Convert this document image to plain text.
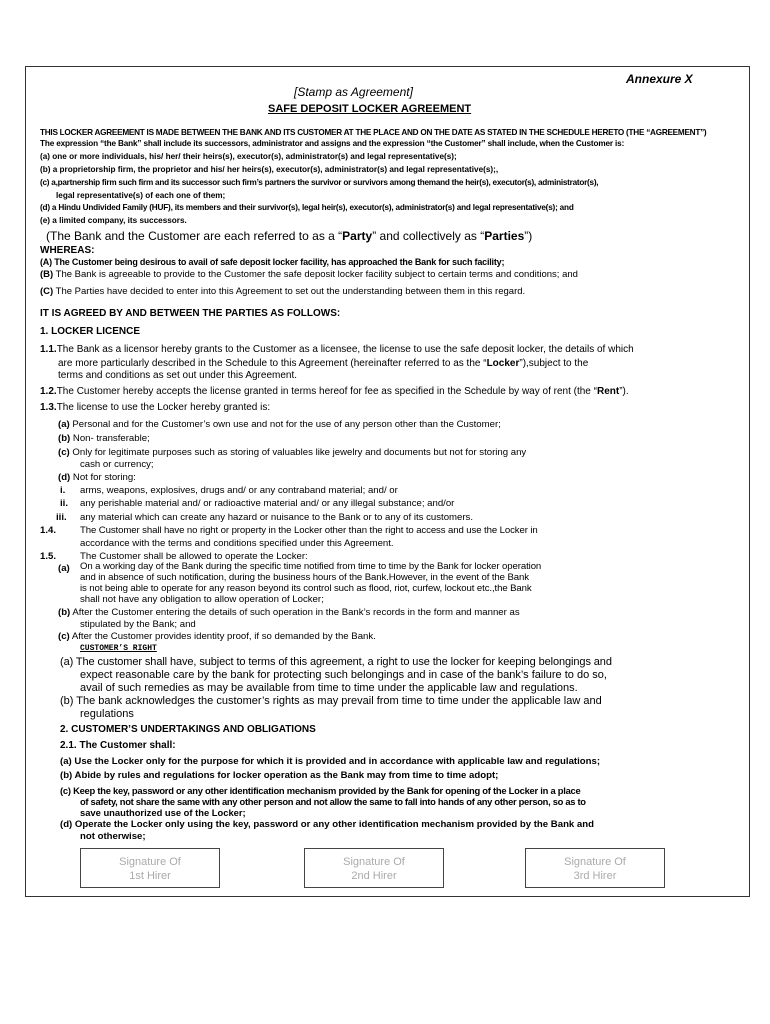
Annexure X
[Stamp as Agreement]
SAFE DEPOSIT LOCKER AGREEMENT
THIS LOCKER AGREEMENT IS MADE BETWEEN THE BANK AND ITS CUSTOMER AT THE PLACE AND ON THE DATE AS STATED IN THE SCHEDULE HERETO (THE “AGREEMENT”)
The expression “the Bank” shall include its successors, administrator and assigns and the expression “the Customer” shall include, when the Customer is:
(a) one or more individuals, his/ her/ their heirs(s), executor(s), administrator(s) and legal representative(s);
(b) a proprietorship firm, the proprietor and his/ her heirs(s), executor(s), administrator(s) and legal representative(s);,
(c) a,partnership firm such firm and its successor such firm’s partners the survivor or survivors among themand the heir(s), executor(s), administrator(s),
legal representative(s) of each one of them;
(d) a Hindu Undivided Family (HUF), its members and their survivor(s), legal heir(s), executor(s), administrator(s) and legal representative(s); and
(e) a limited company, its successors.
(The Bank and the Customer are each referred to as a “Party” and collectively as “Parties”)
WHEREAS:
(A) The Customer being desirous to avail of safe deposit locker facility, has approached the Bank for such facility;
(B) The Bank is agreeable to provide to the Customer the safe deposit locker facility subject to certain terms and conditions; and
(C) The Parties have decided to enter into this Agreement to set out the understanding between them in this regard.
IT IS AGREED BY AND BETWEEN THE PARTIES AS FOLLOWS:
1. LOCKER LICENCE
1.1.The Bank as a licensor hereby grants to the Customer as a licensee, the license to use the safe deposit locker, the details of which
are more particularly described in the Schedule to this Agreement (hereinafter referred to as the “Locker”),subject to the
terms and conditions as set out under this Agreement.
1.2.The Customer hereby accepts the license granted in terms hereof for fee as specified in the Schedule by way of rent (the “Rent”).
1.3.The license to use the Locker hereby granted is:
(a) Personal and for the Customer’s own use and not for the use of any person other than the Customer;
(b) Non- transferable;
(c) Only for legitimate purposes such as storing of valuables like jewelry and documents but not for storing any
cash or currency;
(d) Not for storing:
i. arms, weapons, explosives, drugs and/ or any contraband material; and/ or
ii. any perishable material and/ or radioactive material and/ or any illegal substance; and/or
iii. any material which can create any hazard or nuisance to the Bank or to any of its customers.
1.4. The Customer shall have no right or property in the Locker other than the right to access and use the Locker in
accordance with the terms and conditions specified under this Agreement.
1.5. The Customer shall be allowed to operate the Locker:
(a) On a working day of the Bank during the specific time notified from time to time by the Bank for locker operation
and in absence of such notification, during the business hours of the Bank.However, in the event of the Bank
is not being able to operate for any reason beyond its control such as flood, riot, curfew, lockout etc.,the Bank
shall not have any obligation to allow operation of Locker;
(b) After the Customer entering the details of such operation in the Bank’s records in the form and manner as
stipulated by the Bank; and
(c) After the Customer provides identity proof, if so demanded by the Bank.
CUSTOMER’S RIGHT
(a) The customer shall have, subject to terms of this agreement, a right to use the locker for keeping belongings and
expect reasonable care by the bank for protecting such belongings and in case of the bank’s failure to do so,
avail of such remedies as may be available from time to time under the applicable law and regulations.
(b) The bank acknowledges the customer’s rights as may prevail from time to time under the applicable law and
regulations
2. CUSTOMER’S UNDERTAKINGS AND OBLIGATIONS
2.1. The Customer shall:
(a) Use the Locker only for the purpose for which it is provided and in accordance with applicable law and regulations;
(b) Abide by rules and regulations for locker operation as the Bank may from time to time adopt;
(c) Keep the key, password or any other identification mechanism provided by the Bank for opening of the Locker in a place
of safety, not share the same with any other person and not allow the same to fall into hands of any other person, so as to
save unauthorized use of the Locker;
(d) Operate the Locker only using the key, password or any other identification mechanism provided by the Bank and
not otherwise;
Signature Of
1st Hirer
Signature Of
2nd Hirer
Signature Of
3rd Hirer
